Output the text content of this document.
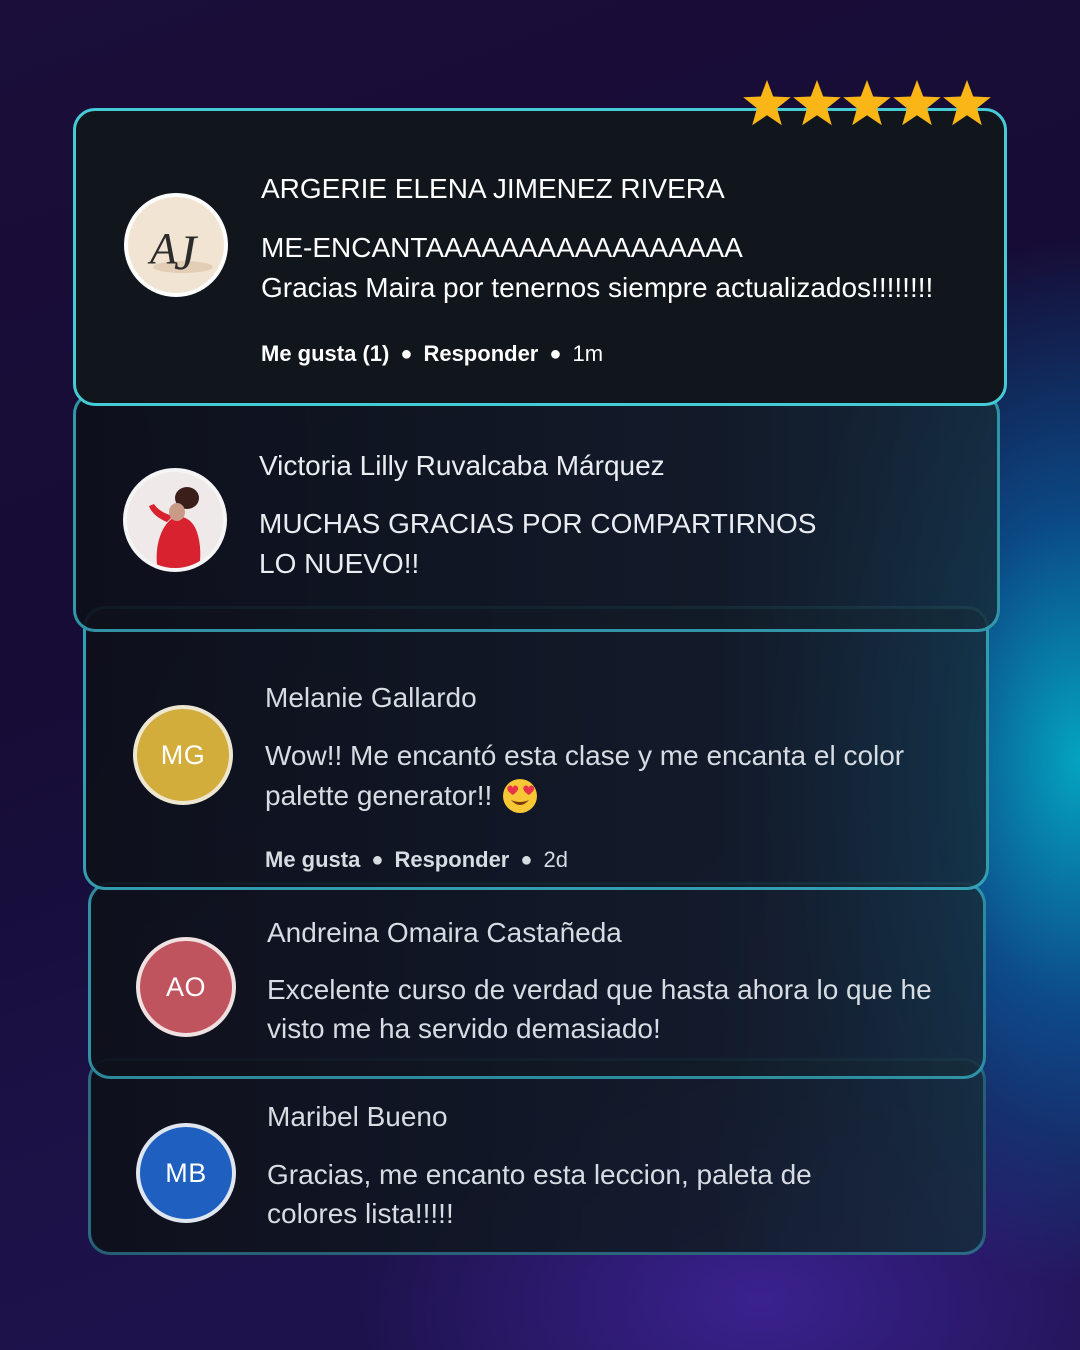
A
J
ARGERIE ELENA JIMENEZ RIVERA
ME-ENCANTAAAAAAAAAAAAAAAAA
Gracias Maira por tenernos siempre actualizados!!!!!!!!
Me gusta (1) ● Responder ● 1m
Victoria Lilly Ruvalcaba Márquez
MUCHAS GRACIAS POR COMPARTIRNOS
LO NUEVO!!
MG
Melanie Gallardo
Wow!! Me encantó esta clase y me encanta el color
palette generator!!
Me gusta ● Responder ● 2d
AO
Andreina Omaira Castañeda
Excelente curso de verdad que hasta ahora lo que he
visto me ha servido demasiado!
MB
Maribel Bueno
Gracias, me encanto esta leccion, paleta de
colores lista!!!!!
